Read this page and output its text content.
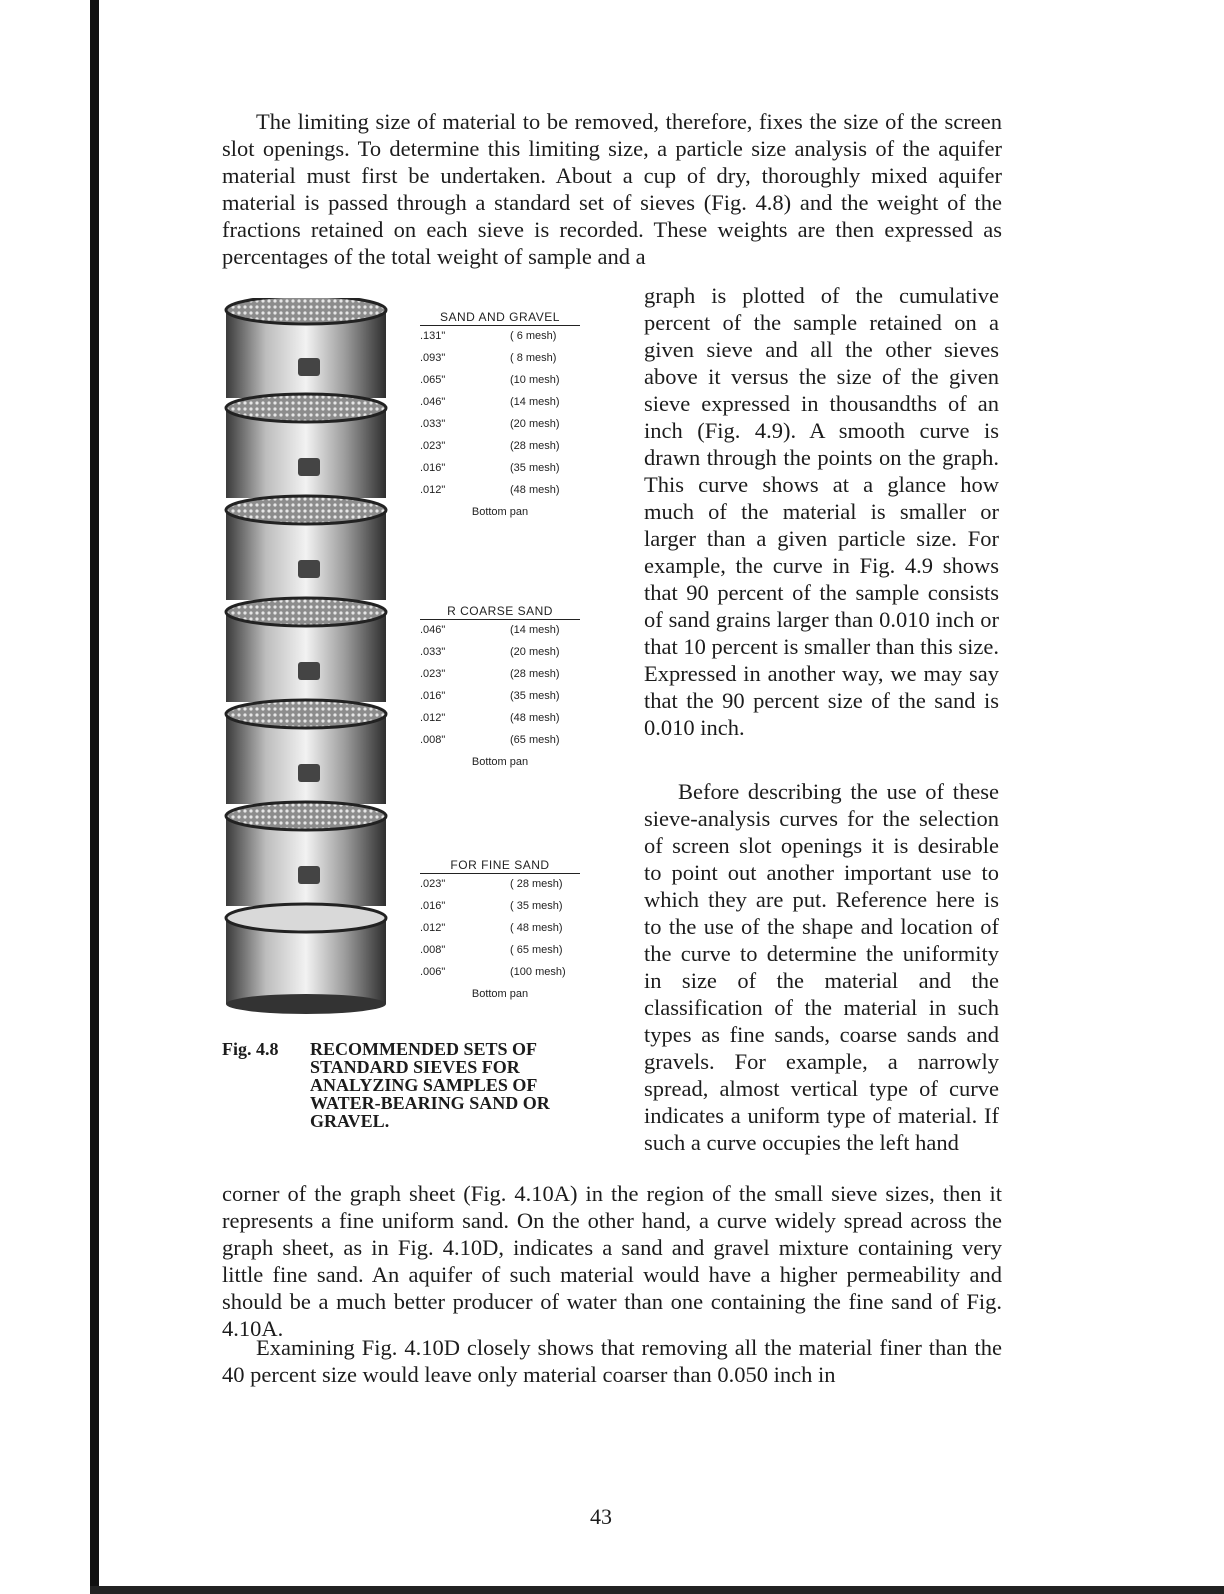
The limiting size of material to be removed, therefore, fixes the size of the screen slot openings. To determine this limiting size, a particle size analysis of the aquifer material must first be undertaken. About a cup of dry, thoroughly mixed aquifer material is passed through a standard set of sieves (Fig. 4.8) and the weight of the fractions retained on each sieve is recorded. These weights are then expressed as percentages of the total weight of sample and a

graph is plotted of the cumulative percent of the sample retained on a given sieve and all the other sieves above it versus the size of the given sieve expressed in thousandths of an inch (Fig. 4.9). A smooth curve is drawn through the points on the graph. This curve shows at a glance how much of the material is smaller or larger than a given particle size. For example, the curve in Fig. 4.9 shows that 90 percent of the sample consists of sand grains larger than 0.010 inch or that 10 percent is smaller than this size. Expressed in another way, we may say that the 90 percent size of the sand is 0.010 inch.

Before describing the use of these sieve-analysis curves for the selection of screen slot openings it is desirable to point out another important use to which they are put. Reference here is to the use of the shape and location of the curve to determine the uniformity in size of the material and the classification of the material in such types as fine sands, coarse sands and gravels. For example, a narrowly spread, almost vertical type of curve indicates a uniform type of material. If such a curve occupies the left hand

SAND AND GRAVEL
.131"	( 6 mesh)
.093"	( 8 mesh)
.065"	(10 mesh)
.046"	(14 mesh)
.033"	(20 mesh)
.023"	(28 mesh)
.016"	(35 mesh)
.012"	(48 mesh)
Bottom pan
R COARSE SAND
.046"	(14 mesh)
.033"	(20 mesh)
.023"	(28 mesh)
.016"	(35 mesh)
.012"	(48 mesh)
.008"	(65 mesh)
Bottom pan
FOR FINE SAND
.023"	( 28 mesh)
.016"	( 35 mesh)
.012"	( 48 mesh)
.008"	( 65 mesh)
.006"	(100 mesh)
Bottom pan
Fig. 4.8 RECOMMENDED SETS OF STANDARD SIEVES FOR ANALYZING SAMPLES OF WATER-BEARING SAND OR GRAVEL.

corner of the graph sheet (Fig. 4.10A) in the region of the small sieve sizes, then it represents a fine uniform sand. On the other hand, a curve widely spread across the graph sheet, as in Fig. 4.10D, indicates a sand and gravel mixture containing very little fine sand. An aquifer of such material would have a higher permeability and should be a much better producer of water than one containing the fine sand of Fig. 4.10A.

Examining Fig. 4.10D closely shows that removing all the material finer than the 40 percent size would leave only material coarser than 0.050 inch in

43
